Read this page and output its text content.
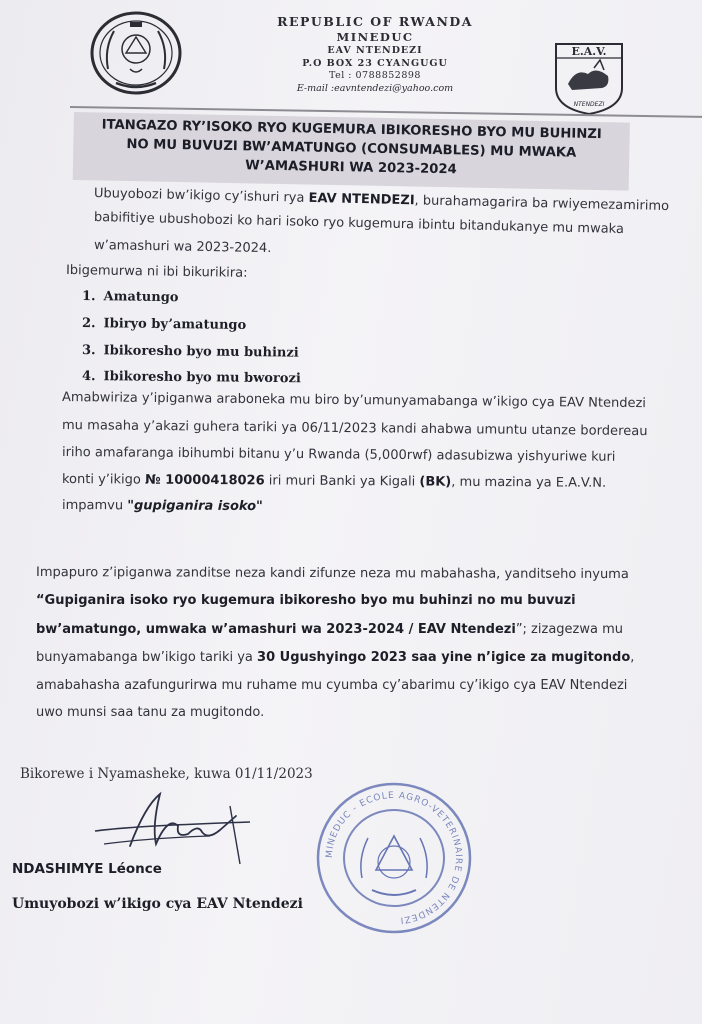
REPUBLIC OF RWANDA
MINEDUC
EAV NTENDEZI
P.O BOX 23 CYANGUGU
Tel : 0788852898
E-mail :eavntendezi@yahoo.com
E.A.V.
NTENDEZI
ITANGAZO RY’ISOKO RYO KUGEMURA IBIKORESHO BYO MU BUHINZI
NO MU BUVUZI BW’AMATUNGO (CONSUMABLES) MU MWAKA
W’AMASHURI WA 2023-2024
Ubuyobozi bw’ikigo cy’ishuri rya EAV NTENDEZI, burahamagarira ba rwiyemezamirimo
babifitiye ubushobozi ko hari isoko ryo kugemura ibintu bitandukanye mu mwaka
w’amashuri wa 2023-2024.
Ibigemurwa ni ibi bikurikira:
1. Amatungo
2. Ibiryo by’amatungo
3. Ibikoresho byo mu buhinzi
4. Ibikoresho byo mu bworozi
Amabwiriza y’ipiganwa araboneka mu biro by’umunyamabanga w’ikigo cya EAV Ntendezi
mu masaha y’akazi guhera tariki ya 06/11/2023 kandi ahabwa umuntu utanze bordereau
iriho amafaranga ibihumbi bitanu y’u Rwanda (5,000rwf) adasubizwa yishyuriwe kuri
konti y’ikigo № 10000418026 iri muri Banki ya Kigali (BK), mu mazina ya E.A.V.N.
impamvu "gupiganira isoko"
Impapuro z’ipiganwa zanditse neza kandi zifunze neza mu mabahasha, yanditseho inyuma
“Gupiganira isoko ryo kugemura ibikoresho byo mu buhinzi no mu buvuzi
bw’amatungo, umwaka w’amashuri wa 2023-2024 / EAV Ntendezi”; zizagezwa mu
bunyamabanga bw’ikigo tariki ya 30 Ugushyingo 2023 saa yine n’igice za mugitondo,
amabahasha azafungurirwa mu ruhame mu cyumba cy’abarimu cy’ikigo cya EAV Ntendezi
uwo munsi saa tanu za mugitondo.
Bikorewe i Nyamasheke, kuwa 01/11/2023
NDASHIMYE Léonce
Umuyobozi w’ikigo cya EAV Ntendezi
MINEDUC - ECOLE AGRO-VETERINAIRE DE NTENDEZI
